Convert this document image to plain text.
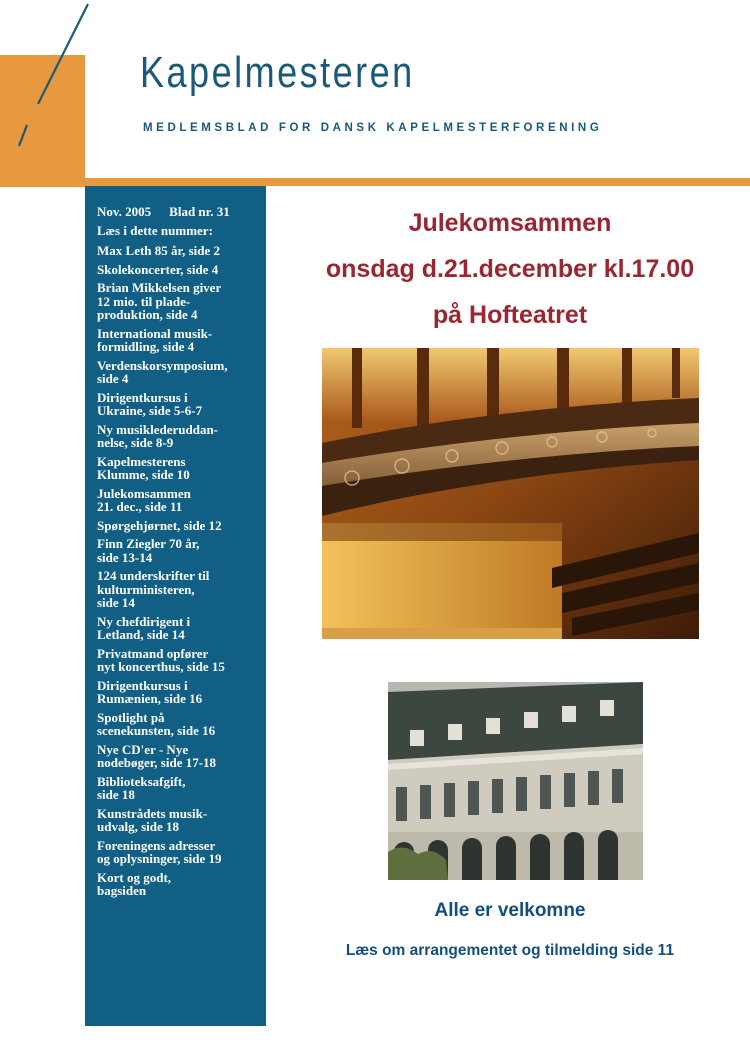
Kapelmesteren
MEDLEMSBLAD FOR DANSK KAPELMESTERFORENING
Nov. 2005 Blad nr. 31
Læs i dette nummer:
Max Leth 85 år, side 2
Skolekoncerter, side 4
Brian Mikkelsen giver
12 mio. til plade-
produktion, side 4
International musik-
formidling, side 4
Verdenskorsymposium,
side 4
Dirigentkursus i
Ukraine, side 5-6-7
Ny musiklederuddan-
nelse, side 8-9
Kapelmesterens
Klumme, side 10
Julekomsammen
21. dec., side 11
Spørgehjørnet, side 12
Finn Ziegler 70 år,
side 13-14
124 underskrifter til
kulturministeren,
side 14
Ny chefdirigent i
Letland, side 14
Privatmand opfører
nyt koncerthus, side 15
Dirigentkursus i
Rumænien, side 16
Spotlight på
scenekunsten, side 16
Nye CD'er - Nye
nodebøger, side 17-18
Biblioteksafgift,
side 18
Kunstrådets musik-
udvalg, side 18
Foreningens adresser
og oplysninger, side 19
Kort og godt,
bagsiden
Julekomsammen
onsdag d.21.december kl.17.00
på Hofteatret
Alle er velkomne
Læs om arrangementet og tilmelding side 11
